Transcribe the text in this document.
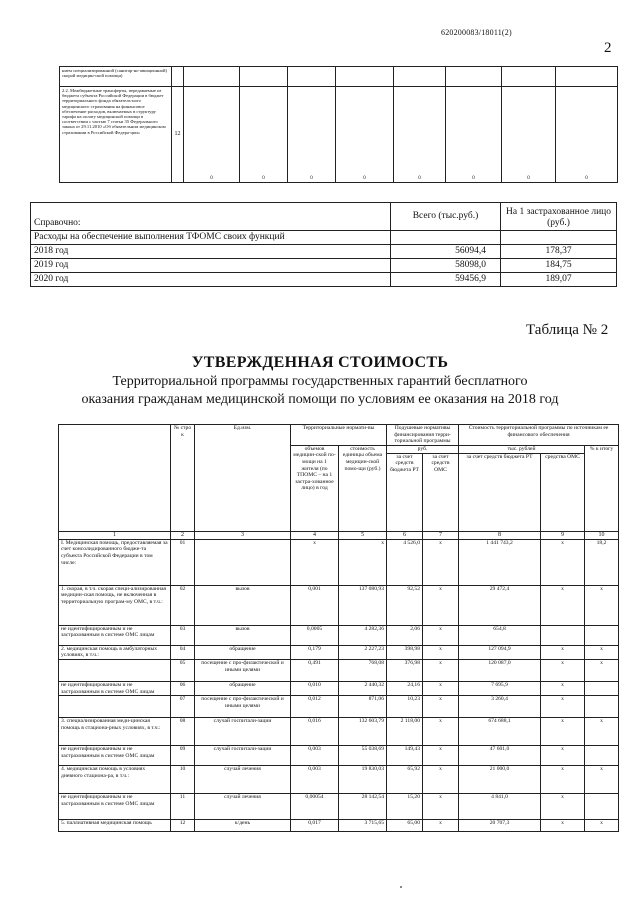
620200083/18011(2)
2
нием специализированной (санитар-но-авиационной) скорой медицин-ской помощи)									
2.2. Межбюджетные трансферты, передаваемые из бюджета субъекта Российской Федерации в бюджет территориального фонда обязатель-ного медицинского страхования на финансовое обеспечение расходов, включаемых в структуру тарифа на оплату медицинской помощи в соответствии с частью 7 статьи 35 Федерального закона от 29.11.2010 «Об обязательном медицинском страховании в Российской Федера-ции»	12	0	0	0	0	0	0	0	0
Справочно:	Всего (тыс.руб.)	На 1 застрахованное лицо (руб.)
Расходы на обеспечение выполнения ТФОМС своих функций		
2018 год	56094,4	178,37
2019 год	58098,0	184,75
2020 год	59456,9	189,07
Таблица № 2
УТВЕРЖДЕННАЯ СТОИМОСТЬ
Территориальной программы государственных гарантий бесплатного
оказания гражданам медицинской помощи по условиям ее оказания на 2018 год
	№ стро к	Ед.изм.	Территориальные нормати-вы		Подушевые нормативы финансирования терри-ториальной программы		Стоимость территориальной программы по источникам ее финансового обеспечения		
			объемов медицин-ской по-мощи на 1 жителя (по ТПОМС – на 1 застра-хованное лицо) в год	стоимость единицы объема медицин-ской помо-щи (руб.)	руб.		тыс. рублей		% к итогу
					за счет средств бюджета РТ	за счет средств ОМС	за счет средств бюджета РТ	средства ОМС	
1	2	3	4	5	6	7	8	9	10
I. Медицинская помощь, предоставляемая за счет консолидированного бюдже-та субъекта Российской Федерации в том числе:	01		х	х	4 526,0	х	1 441 743,2	х	18,2
1. скорая, в т.ч. скорая специ-ализированная медицин-ская помощь, не включенная в территориальную програм-му ОМС, в т.ч.:	02	вызов	0,001	137 080,93	92,52	х	29 472,4	х	х
не идентифицированным и не застрахованным в системе ОМС лицам	03	вызов	0,0005	4 282,36	2,06	х	654,8		
2. медицинская помощь в амбулаторных условиях, в т.ч.:	04	обращение	0,179	2 227,23	398,98	х	127 094,9	х	х
	05	посещение с про-филактической и иными целями	0,491	768,08	376,98	х	120 087,0	х	х
не идентифицированным и не застрахованным в системе ОМС лицам	06	обращение	0,010	2 440,32	24,16	х	7 695,9	х	
	07	посещение с про-филактической и иными целями	0,012	871,06	10,23	х	3 260,4	х	
3. специализированная меди-цинская помощь в стациона-рных условиях, в т.ч.:	08	случай госпитали-зации	0,016	132 603,79	2 118,00	х	674 688,1	х	х
не идентифицированным и не застрахованным в системе ОМС лицам	09	случай госпитали-зации	0,003	55 038,69	149,43	х	47 601,0	х	
4. медицинская помощь в условиях дневного стациона-ра, в т.ч.:	10	случай лечения	0,003	19 830,03	65,92	х	21 000,0	х	х
не идентифицированным и не застрахованным в системе ОМС лицам	11	случай лечения	0,00054	28 142,54	15,20	х	4 841,0	х	
5. паллиативная медицинская помощь	12	к/день	0,017	3 715,65	65,00	х	20 707,3	х	х
